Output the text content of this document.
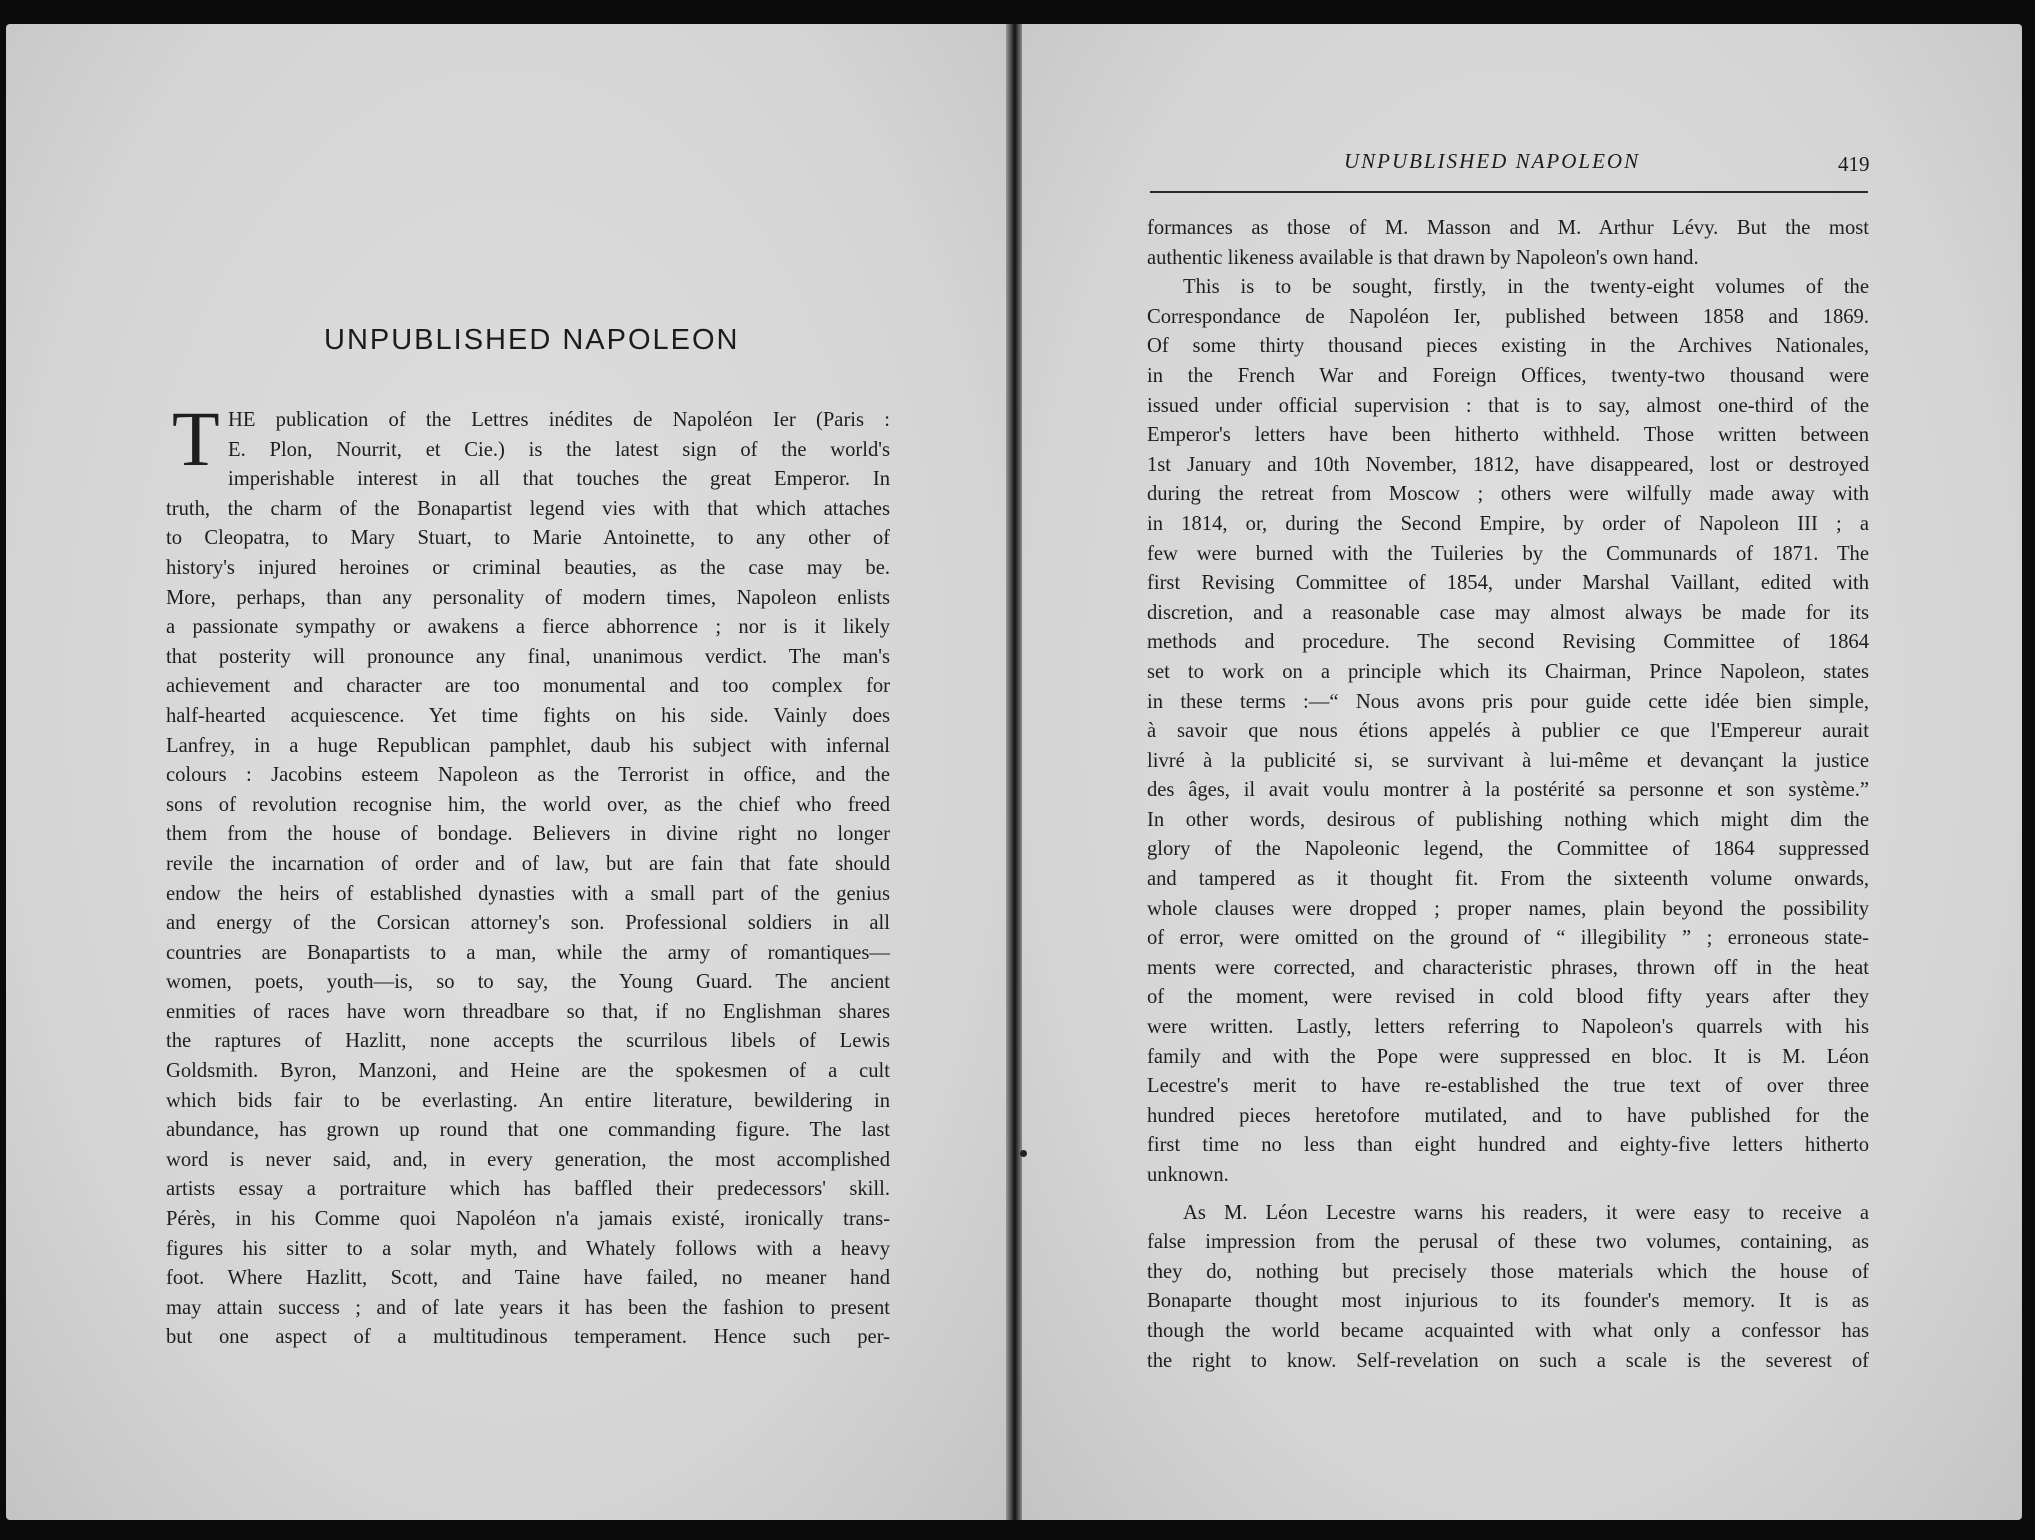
UNPUBLISHED NAPOLEON
T HE publication of the Lettres inédites de Napoléon Ier (Paris :
E. Plon, Nourrit, et Cie.) is the latest sign of the world's
imperishable interest in all that touches the great Emperor. In
truth, the charm of the Bonapartist legend vies with that which attaches
to Cleopatra, to Mary Stuart, to Marie Antoinette, to any other of
history's injured heroines or criminal beauties, as the case may be.
More, perhaps, than any personality of modern times, Napoleon enlists
a passionate sympathy or awakens a fierce abhorrence ; nor is it likely
that posterity will pronounce any final, unanimous verdict. The man's
achievement and character are too monumental and too complex for
half-hearted acquiescence. Yet time fights on his side. Vainly does
Lanfrey, in a huge Republican pamphlet, daub his subject with infernal
colours : Jacobins esteem Napoleon as the Terrorist in office, and the
sons of revolution recognise him, the world over, as the chief who freed
them from the house of bondage. Believers in divine right no longer
revile the incarnation of order and of law, but are fain that fate should
endow the heirs of established dynasties with a small part of the genius
and energy of the Corsican attorney's son. Professional soldiers in all
countries are Bonapartists to a man, while the army of romantiques—
women, poets, youth—is, so to say, the Young Guard. The ancient
enmities of races have worn threadbare so that, if no Englishman shares
the raptures of Hazlitt, none accepts the scurrilous libels of Lewis
Goldsmith. Byron, Manzoni, and Heine are the spokesmen of a cult
which bids fair to be everlasting. An entire literature, bewildering in
abundance, has grown up round that one commanding figure. The last
word is never said, and, in every generation, the most accomplished
artists essay a portraiture which has baffled their predecessors' skill.
Pérès, in his Comme quoi Napoléon n'a jamais existé, ironically trans-
figures his sitter to a solar myth, and Whately follows with a heavy
foot. Where Hazlitt, Scott, and Taine have failed, no meaner hand
may attain success ; and of late years it has been the fashion to present
but one aspect of a multitudinous temperament. Hence such per-
UNPUBLISHED NAPOLEON	419
formances as those of M. Masson and M. Arthur Lévy. But the most
authentic likeness available is that drawn by Napoleon's own hand.
This is to be sought, firstly, in the twenty-eight volumes of the
Correspondance de Napoléon Ier, published between 1858 and 1869.
Of some thirty thousand pieces existing in the Archives Nationales,
in the French War and Foreign Offices, twenty-two thousand were
issued under official supervision : that is to say, almost one-third of the
Emperor's letters have been hitherto withheld. Those written between
1st January and 10th November, 1812, have disappeared, lost or destroyed
during the retreat from Moscow ; others were wilfully made away with
in 1814, or, during the Second Empire, by order of Napoleon III ; a
few were burned with the Tuileries by the Communards of 1871. The
first Revising Committee of 1854, under Marshal Vaillant, edited with
discretion, and a reasonable case may almost always be made for its
methods and procedure. The second Revising Committee of 1864
set to work on a principle which its Chairman, Prince Napoleon, states
in these terms :—“ Nous avons pris pour guide cette idée bien simple,
à savoir que nous étions appelés à publier ce que l'Empereur aurait
livré à la publicité si, se survivant à lui-même et devançant la justice
des âges, il avait voulu montrer à la postérité sa personne et son système.”
In other words, desirous of publishing nothing which might dim the
glory of the Napoleonic legend, the Committee of 1864 suppressed
and tampered as it thought fit. From the sixteenth volume onwards,
whole clauses were dropped ; proper names, plain beyond the possibility
of error, were omitted on the ground of “ illegibility ” ; erroneous state-
ments were corrected, and characteristic phrases, thrown off in the heat
of the moment, were revised in cold blood fifty years after they
were written. Lastly, letters referring to Napoleon's quarrels with his
family and with the Pope were suppressed en bloc. It is M. Léon
Lecestre's merit to have re-established the true text of over three
hundred pieces heretofore mutilated, and to have published for the
first time no less than eight hundred and eighty-five letters hitherto
unknown.
As M. Léon Lecestre warns his readers, it were easy to receive a
false impression from the perusal of these two volumes, containing, as
they do, nothing but precisely those materials which the house of
Bonaparte thought most injurious to its founder's memory. It is as
though the world became acquainted with what only a confessor has
the right to know. Self-revelation on such a scale is the severest of
